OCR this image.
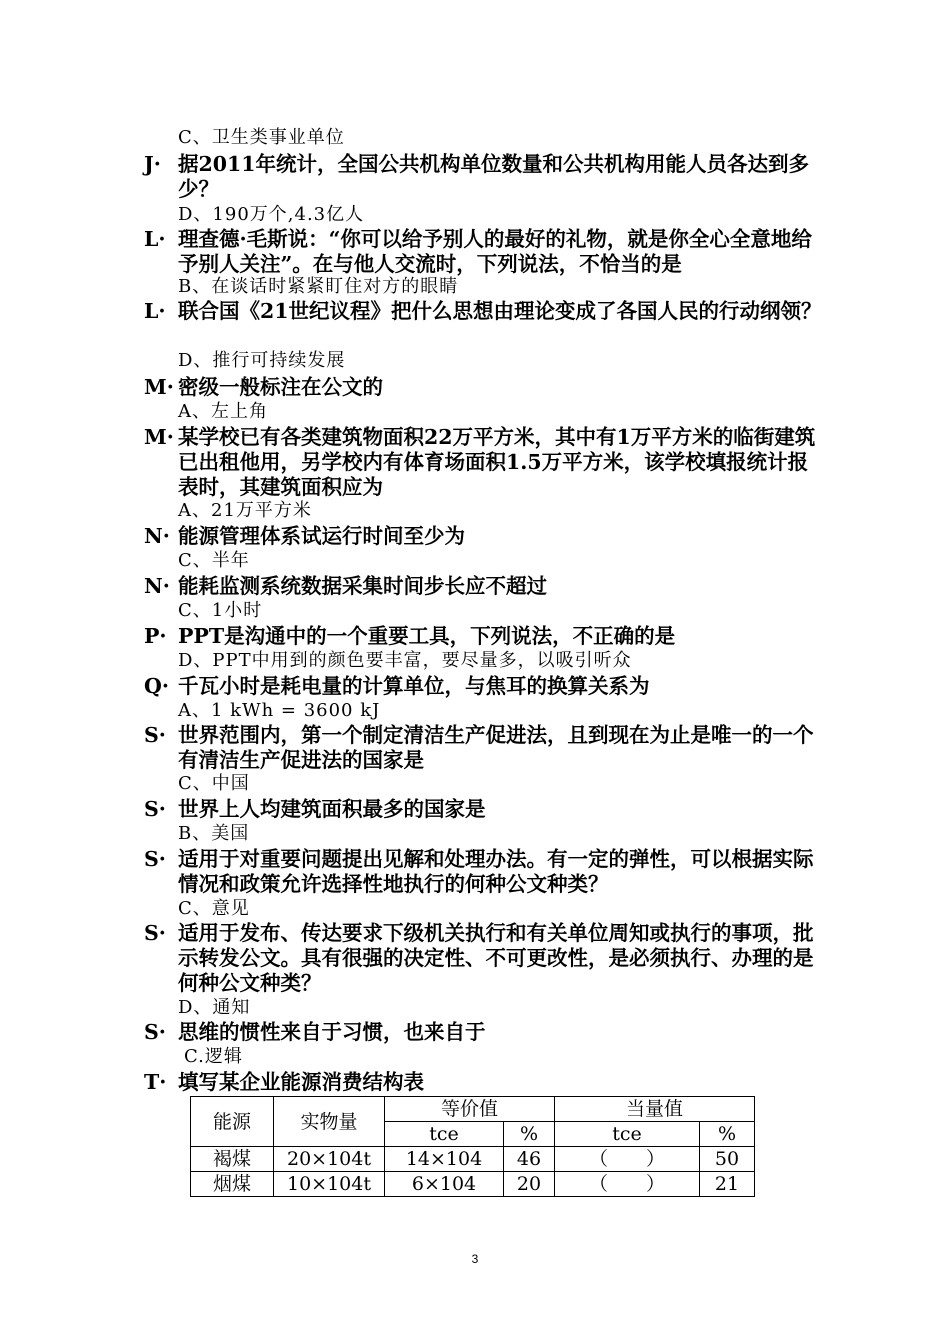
C、卫生类事业单位
J· 据2011年统计，全国公共机构单位数量和公共机构用能人员各达到多少？
D、190万个,4.3亿人
L· 理查德·毛斯说：“你可以给予别人的最好的礼物，就是你全心全意地给予别人关注”。在与他人交流时，下列说法，不恰当的是
B、在谈话时紧紧盯住对方的眼睛
L· 联合国《21世纪议程》把什么思想由理论变成了各国人民的行动纲领？
D、推行可持续发展
M· 密级一般标注在公文的
A、左上角
M· 某学校已有各类建筑物面积22万平方米，其中有1万平方米的临街建筑已出租他用，另学校内有体育场面积1.5万平方米，该学校填报统计报表时，其建筑面积应为
A、21万平方米
N· 能源管理体系试运行时间至少为
C、半年
N· 能耗监测系统数据采集时间步长应不超过
C、1小时
P· PPT是沟通中的一个重要工具，下列说法，不正确的是
D、PPT中用到的颜色要丰富，要尽量多，以吸引听众
Q· 千瓦小时是耗电量的计算单位，与焦耳的换算关系为
A、1 kWh = 3600 kJ
S· 世界范围内，第一个制定清洁生产促进法，且到现在为止是唯一的一个有清洁生产促进法的国家是
C、中国
S· 世界上人均建筑面积最多的国家是
B、美国
S· 适用于对重要问题提出见解和处理办法。有一定的弹性，可以根据实际情况和政策允许选择性地执行的何种公文种类？
C、意见
S· 适用于发布、传达要求下级机关执行和有关单位周知或执行的事项，批示转发公文。具有很强的决定性、不可更改性，是必须执行、办理的是何种公文种类？
D、通知
S· 思维的惯性来自于习惯，也来自于
C.逻辑
T· 填写某企业能源消费结构表
能源	实物量	等价值		当量值	
		tce	%	tce	%
褐煤	20×104t	14×104	46	（　　）	50
烟煤	10×104t	6×104	20	（　　）	21
3
